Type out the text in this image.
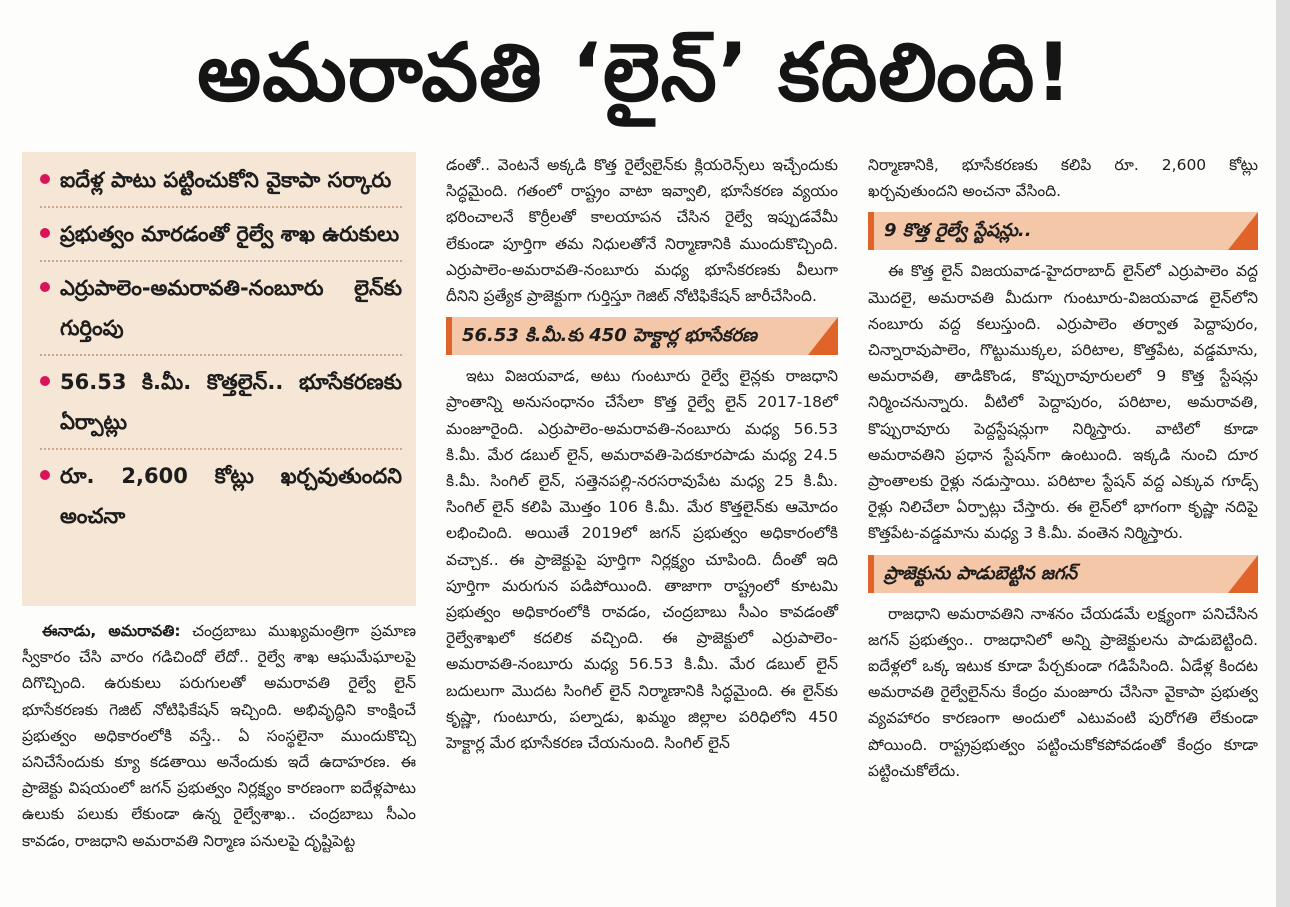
అమరావతి ‘లైన్’ కదిలింది!
ఐదేళ్ల పాటు పట్టించుకోని వైకాపా సర్కారు
ప్రభుత్వం మారడంతో రైల్వే శాఖ ఉరుకులు
ఎర్రుపాలెం-అమరావతి-నంబూరు లైన్‌కు గుర్తింపు
56.53 కి.మీ. కొత్తలైన్.. భూసేకరణకు ఏర్పాట్లు
రూ. 2,600 కోట్లు ఖర్చవుతుందని అంచనా

ఈనాడు, అమరావతి: చంద్రబాబు ముఖ్యమంత్రిగా ప్రమాణ స్వీకారం చేసి వారం గడిచిందో లేదో.. రైల్వే శాఖ ఆఘమేఘాలపై దిగొచ్చింది. ఉరుకులు పరుగులతో అమరావతి రైల్వే లైన్ భూసేకరణకు గెజిట్ నోటిఫికేషన్ ఇచ్చింది. అభివృద్ధిని కాంక్షించే ప్రభుత్వం అధికారంలోకి వస్తే.. ఏ సంస్థలైనా ముందుకొచ్చి పనిచేసేందుకు క్యూ కడతాయి అనేందుకు ఇదే ఉదాహరణ. ఈ ప్రాజెక్టు విషయంలో జగన్ ప్రభుత్వం నిర్లక్ష్యం కారణంగా ఐదేళ్లపాటు ఉలుకు పలుకు లేకుండా ఉన్న రైల్వేశాఖ.. చంద్రబాబు సీఎం కావడం, రాజధాని అమరావతి నిర్మాణ పనులపై దృష్టిపెట్ట

డంతో.. వెంటనే అక్కడి కొత్త రైల్వేలైన్‌కు క్లియరెన్స్‌లు ఇచ్చేందుకు సిద్ధమైంది. గతంలో రాష్ట్రం వాటా ఇవ్వాలి, భూసేకరణ వ్యయం భరించాలనే కొర్రీలతో కాలయాపన చేసిన రైల్వే ఇప్పుడవేమీ లేకుండా పూర్తిగా తమ నిధులతోనే నిర్మాణానికి ముందుకొచ్చింది. ఎర్రుపాలెం-అమరావతి-నంబూరు మధ్య భూసేకరణకు వీలుగా దీనిని ప్రత్యేక ప్రాజెక్టుగా గుర్తిస్తూ గెజిట్ నోటిఫికేషన్ జారీచేసింది.

56.53 కి.మీ.కు 450 హెక్టార్ల భూసేకరణ

ఇటు విజయవాడ, అటు గుంటూరు రైల్వే లైన్లకు రాజధాని ప్రాంతాన్ని అనుసంధానం చేసేలా కొత్త రైల్వే లైన్ 2017-18లో మంజూరైంది. ఎర్రుపాలెం-అమరావతి-నంబూరు మధ్య 56.53 కి.మీ. మేర డబుల్ లైన్, అమరావతి-పెదకూరపాడు మధ్య 24.5 కి.మీ. సింగిల్ లైన్, సత్తెనపల్లి-నరసరావుపేట మధ్య 25 కి.మీ. సింగిల్ లైన్ కలిపి మొత్తం 106 కి.మీ. మేర కొత్తలైన్‌కు ఆమోదం లభించింది. అయితే 2019లో జగన్ ప్రభుత్వం అధికారంలోకి వచ్చాక.. ఈ ప్రాజెక్టుపై పూర్తిగా నిర్లక్ష్యం చూపింది. దీంతో ఇది పూర్తిగా మరుగున పడిపోయింది. తాజాగా రాష్ట్రంలో కూటమి ప్రభుత్వం అధికారంలోకి రావడం, చంద్రబాబు సీఎం కావడంతో రైల్వేశాఖలో కదలిక వచ్చింది. ఈ ప్రాజెక్టులో ఎర్రుపాలెం-అమరావతి-నంబూరు మధ్య 56.53 కి.మీ. మేర డబుల్ లైన్ బదులుగా మొదట సింగిల్ లైన్ నిర్మాణానికి సిద్ధమైంది. ఈ లైన్‌కు కృష్ణా, గుంటూరు, పల్నాడు, ఖమ్మం జిల్లాల పరిధిలోని 450 హెక్టార్ల మేర భూసేకరణ చేయనుంది. సింగిల్ లైన్

నిర్మాణానికి, భూసేకరణకు కలిపి రూ. 2,600 కోట్లు ఖర్చవుతుందని అంచనా వేసింది.

9 కొత్త రైల్వే స్టేషన్లు..

ఈ కొత్త లైన్ విజయవాడ-హైదరాబాద్ లైన్‌లో ఎర్రుపాలెం వద్ద మొదలై, అమరావతి మీదుగా గుంటూరు-విజయవాడ లైన్‌లోని నంబూరు వద్ద కలుస్తుంది. ఎర్రుపాలెం తర్వాత పెద్దాపురం, చిన్నారావుపాలెం, గొట్టుముక్కల, పరిటాల, కొత్తపేట, వడ్డమాను, అమరావతి, తాడికొండ, కొప్పురావూరులలో 9 కొత్త స్టేషన్లు నిర్మించనున్నారు. వీటిలో పెద్దాపురం, పరిటాల, అమరావతి, కొప్పురావూరు పెద్దస్టేషన్లుగా నిర్మిస్తారు. వాటిలో కూడా అమరావతిని ప్రధాన స్టేషన్‌గా ఉంటుంది. ఇక్కడి నుంచి దూర ప్రాంతాలకు రైళ్లు నడుస్తాయి. పరిటాల స్టేషన్ వద్ద ఎక్కువ గూడ్స్ రైళ్లు నిలిచేలా ఏర్పాట్లు చేస్తారు. ఈ లైన్‌లో భాగంగా కృష్ణా నదిపై కొత్తపేట-వడ్డమాను మధ్య 3 కి.మీ. వంతెన నిర్మిస్తారు.

ప్రాజెక్టును పాడుబెట్టిన జగన్

రాజధాని అమరావతిని నాశనం చేయడమే లక్ష్యంగా పనిచేసిన జగన్ ప్రభుత్వం.. రాజధానిలో అన్ని ప్రాజెక్టులను పాడుబెట్టింది. ఐదేళ్లలో ఒక్క ఇటుక కూడా పేర్చకుండా గడిపేసింది. ఏడేళ్ల కిందట అమరావతి రైల్వేలైన్‌ను కేంద్రం మంజూరు చేసినా వైకాపా ప్రభుత్వ వ్యవహారం కారణంగా అందులో ఎటువంటి పురోగతి లేకుండా పోయింది. రాష్ట్రప్రభుత్వం పట్టించుకోకపోవడంతో కేంద్రం కూడా పట్టించుకోలేదు.
